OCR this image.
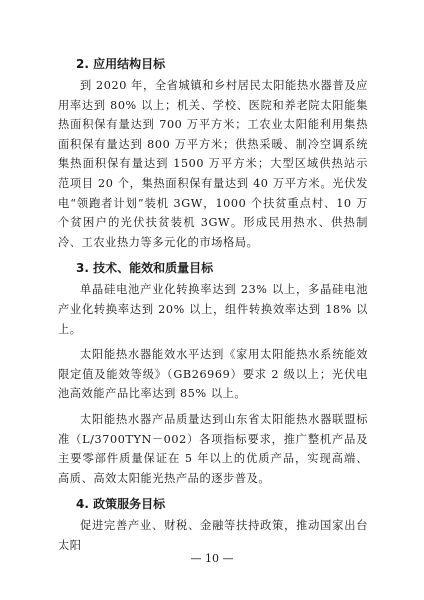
2. 应用结构目标

到 2020 年，全省城镇和乡村居民太阳能热水器普及应用率达到 80% 以上；机关、学校、医院和养老院太阳能集热面积保有量达到 700 万平方米；工农业太阳能利用集热面积保有量达到 800 万平方米；供热采暖、制冷空调系统集热面积保有量达到 1500 万平方米；大型区域供热站示范项目 20 个，集热面积保有量达到 40 万平方米。光伏发电“领跑者计划”装机 3GW，1000 个扶贫重点村、10 万个贫困户的光伏扶贫装机 3GW。形成民用热水、供热制冷、工农业热力等多元化的市场格局。

3. 技术、能效和质量目标

单晶硅电池产业化转换率达到 23% 以上，多晶硅电池产业化转换率达到 20% 以上，组件转换效率达到 18% 以上。

太阳能热水器能效水平达到《家用太阳能热水系统能效限定值及能效等级》（GB26969）要求 2 级以上；光伏电池高效能产品比率达到 85% 以上。

太阳能热水器产品质量达到山东省太阳能热水器联盟标准（L/3700TYN－002）各项指标要求，推广整机产品及主要零部件质量保证在 5 年以上的优质产品，实现高端、高质、高效太阳能光热产品的逐步普及。

4. 政策服务目标

促进完善产业、财税、金融等扶持政策，推动国家出台太阳

— 10 —
